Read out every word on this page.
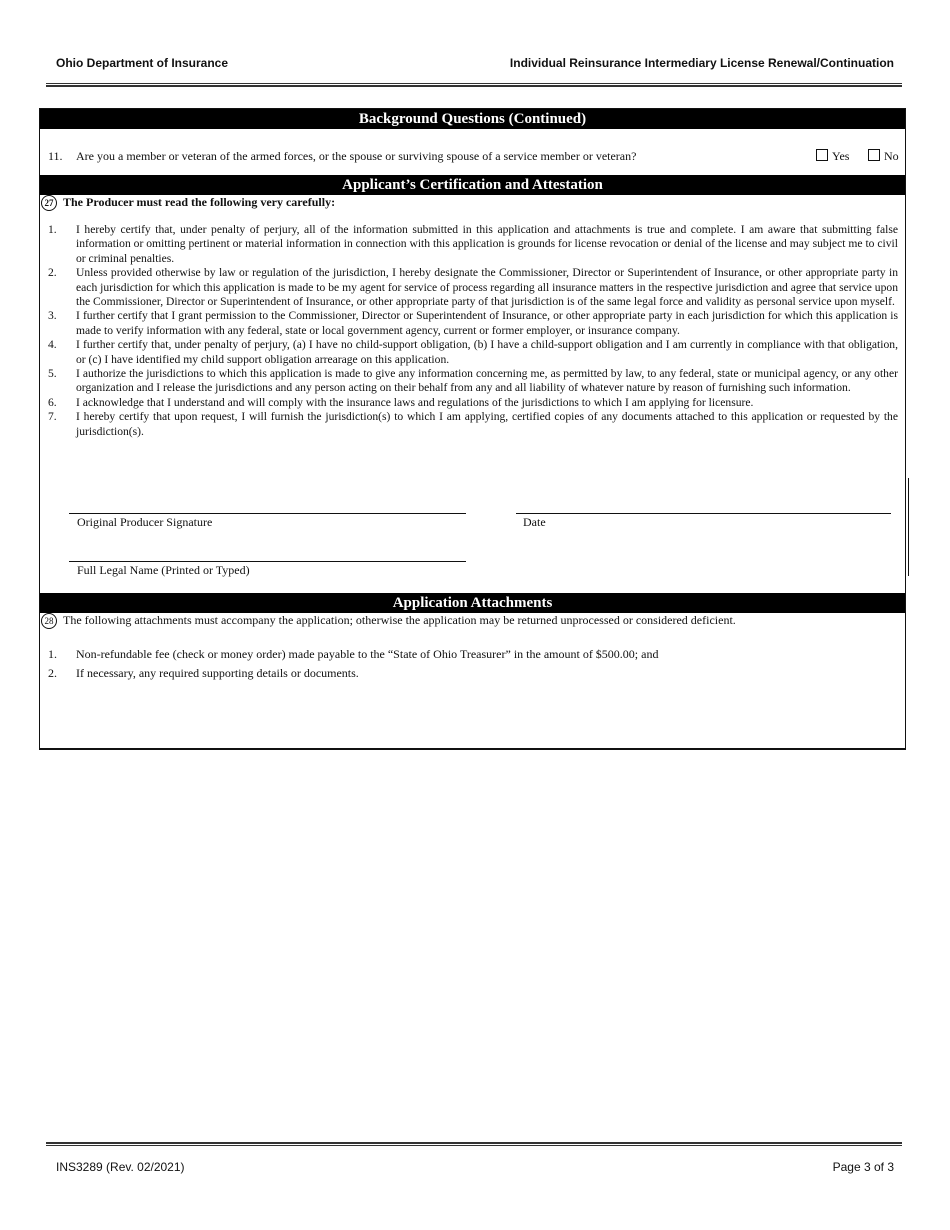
Ohio Department of Insurance	Individual Reinsurance Intermediary License Renewal/Continuation
Background Questions (Continued)
11. Are you a member or veteran of the armed forces, or the spouse or surviving spouse of a service member or veteran?	Yes	No
Applicant’s Certification and Attestation
27 The Producer must read the following very carefully:
1.	I hereby certify that, under penalty of perjury, all of the information submitted in this application and attachments is true and complete. I am aware that submitting false information or omitting pertinent or material information in connection with this application is grounds for license revocation or denial of the license and may subject me to civil or criminal penalties.
2.	Unless provided otherwise by law or regulation of the jurisdiction, I hereby designate the Commissioner, Director or Superintendent of Insurance, or other appropriate party in each jurisdiction for which this application is made to be my agent for service of process regarding all insurance matters in the respective jurisdiction and agree that service upon the Commissioner, Director or Superintendent of Insurance, or other appropriate party of that jurisdiction is of the same legal force and validity as personal service upon myself.
3.	I further certify that I grant permission to the Commissioner, Director or Superintendent of Insurance, or other appropriate party in each jurisdiction for which this application is made to verify information with any federal, state or local government agency, current or former employer, or insurance company.
4.	I further certify that, under penalty of perjury, (a) I have no child-support obligation, (b) I have a child-support obligation and I am currently in compliance with that obligation, or (c) I have identified my child support obligation arrearage on this application.
5.	I authorize the jurisdictions to which this application is made to give any information concerning me, as permitted by law, to any federal, state or municipal agency, or any other organization and I release the jurisdictions and any person acting on their behalf from any and all liability of whatever nature by reason of furnishing such information.
6.	I acknowledge that I understand and will comply with the insurance laws and regulations of the jurisdictions to which I am applying for licensure.
7.	I hereby certify that upon request, I will furnish the jurisdiction(s) to which I am applying, certified copies of any documents attached to this application or requested by the jurisdiction(s).
Original Producer Signature	Date
Full Legal Name (Printed or Typed)
Application Attachments
28 The following attachments must accompany the application; otherwise the application may be returned unprocessed or considered deficient.
1. Non-refundable fee (check or money order) made payable to the “State of Ohio Treasurer” in the amount of $500.00; and
2. If necessary, any required supporting details or documents.
INS3289 (Rev. 02/2021)	Page 3 of 3
